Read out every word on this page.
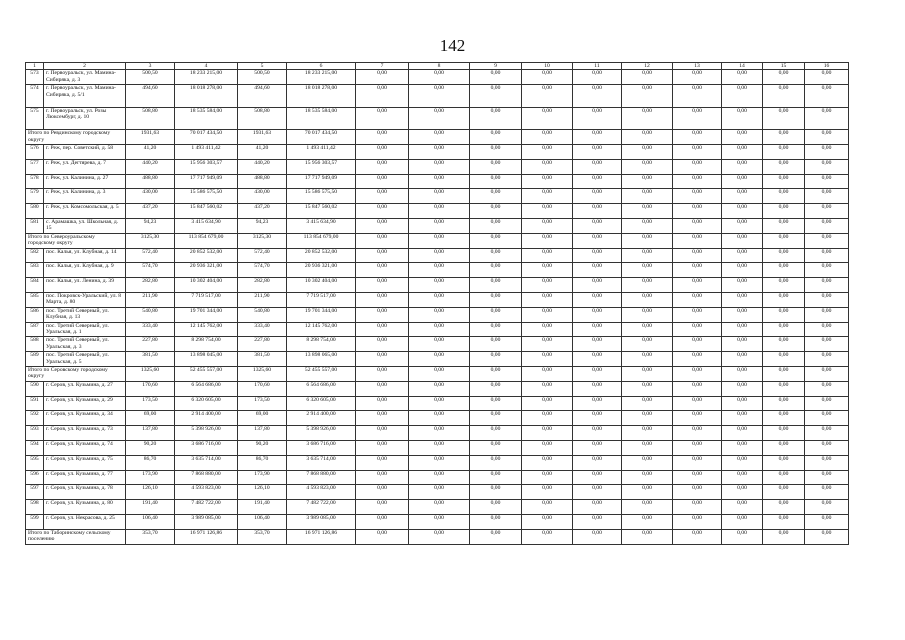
142
1	2	3	4	5	6	7	8	9	10	11	12	13	14	15	16
573	г. Первоуральск, ул. Мамина-Сибиряка, д. 3	500,50	18 233 215,00	500,50	18 233 215,00	0,00	0,00	0,00	0,00	0,00	0,00	0,00	0,00	0,00	0,00
574	г. Первоуральск, ул. Мамина-Сибиряка, д. 5/1	494,60	18 018 278,00	494,60	18 018 278,00	0,00	0,00	0,00	0,00	0,00	0,00	0,00	0,00	0,00	0,00
575	г. Первоуральск, ул. Розы Люксембург, д. 10	508,80	18 535 584,00	508,80	18 535 584,00	0,00	0,00	0,00	0,00	0,00	0,00	0,00	0,00	0,00	0,00
Итого по Ревдинскому городскому округу		1931,63	70 017 434,50	1931,63	70 017 434,50	0,00	0,00	0,00	0,00	0,00	0,00	0,00	0,00	0,00	0,00
576	г. Реж, пер. Советский, д. 58	41,20	1 493 411,42	41,20	1 493 411,42	0,00	0,00	0,00	0,00	0,00	0,00	0,00	0,00	0,00	0,00
577	г. Реж, ул. Дегтярева, д. 7	440,20	15 956 303,57	440,20	15 956 303,57	0,00	0,00	0,00	0,00	0,00	0,00	0,00	0,00	0,00	0,00
578	г. Реж, ул. Калинина, д. 27	488,80	17 717 949,09	488,80	17 717 949,09	0,00	0,00	0,00	0,00	0,00	0,00	0,00	0,00	0,00	0,00
579	г. Реж, ул. Калинина, д. 3	430,00	15 586 575,50	430,00	15 586 575,50	0,00	0,00	0,00	0,00	0,00	0,00	0,00	0,00	0,00	0,00
580	г. Реж, ул. Комсомольская, д. 5	437,20	15 847 560,02	437,20	15 847 560,02	0,00	0,00	0,00	0,00	0,00	0,00	0,00	0,00	0,00	0,00
581	с. Арамашка, ул. Школьная, д. 15	94,23	3 415 634,90	94,23	3 415 634,90	0,00	0,00	0,00	0,00	0,00	0,00	0,00	0,00	0,00	0,00
Итого по Североуральскому городскому округу		3125,30	113 854 679,00	3125,30	113 854 679,00	0,00	0,00	0,00	0,00	0,00	0,00	0,00	0,00	0,00	0,00
582	пос. Калья, ул. Клубная, д. 14	572,40	20 852 532,00	572,40	20 852 532,00	0,00	0,00	0,00	0,00	0,00	0,00	0,00	0,00	0,00	0,00
583	пос. Калья, ул. Клубная, д. 9	574,70	20 936 321,00	574,70	20 936 321,00	0,00	0,00	0,00	0,00	0,00	0,00	0,00	0,00	0,00	0,00
584	пос. Калья, ул. Ленина, д. 39	282,80	10 302 404,00	282,80	10 302 404,00	0,00	0,00	0,00	0,00	0,00	0,00	0,00	0,00	0,00	0,00
585	пос. Покровск-Уральский, ул. 8 Марта, д. 80	211,90	7 719 517,00	211,90	7 719 517,00	0,00	0,00	0,00	0,00	0,00	0,00	0,00	0,00	0,00	0,00
586	пос. Третий Северный, ул. Клубная, д. 13	540,80	19 701 344,00	540,80	19 701 344,00	0,00	0,00	0,00	0,00	0,00	0,00	0,00	0,00	0,00	0,00
587	пос. Третий Северный, ул. Уральская, д. 1	333,40	12 145 762,00	333,40	12 145 762,00	0,00	0,00	0,00	0,00	0,00	0,00	0,00	0,00	0,00	0,00
588	пос. Третий Северный, ул. Уральская, д. 3	227,80	8 298 754,00	227,80	8 298 754,00	0,00	0,00	0,00	0,00	0,00	0,00	0,00	0,00	0,00	0,00
589	пос. Третий Северный, ул. Уральская, д. 5	381,50	13 898 045,00	381,50	13 898 065,00	0,00	0,00	0,00	0,00	0,00	0,00	0,00	0,00	0,00	0,00
Итого по Серовскому городскому округу		1325,60	52 455 557,00	1325,60	52 455 557,00	0,00	0,00	0,00	0,00	0,00	0,00	0,00	0,00	0,00	0,00
590	г. Серов, ул. Кузьмина, д. 27	170,60	6 564 686,00	170,60	6 564 686,00	0,00	0,00	0,00	0,00	0,00	0,00	0,00	0,00	0,00	0,00
591	г. Серов, ул. Кузьмина, д. 29	173,50	6 320 605,00	173,50	6 320 605,00	0,00	0,00	0,00	0,00	0,00	0,00	0,00	0,00	0,00	0,00
592	г. Серов, ул. Кузьмина, д. 34	69,00	2 914 400,00	69,00	2 914 400,00	0,00	0,00	0,00	0,00	0,00	0,00	0,00	0,00	0,00	0,00
593	г. Серов, ул. Кузьмина, д. 73	137,80	5 398 926,00	137,80	5 398 926,00	0,00	0,00	0,00	0,00	0,00	0,00	0,00	0,00	0,00	0,00
594	г. Серов, ул. Кузьмина, д. 74	90,20	3 686 716,00	90,20	3 686 716,00	0,00	0,00	0,00	0,00	0,00	0,00	0,00	0,00	0,00	0,00
595	г. Серов, ул. Кузьмина, д. 75	86,70	3 635 714,00	86,70	3 635 714,00	0,00	0,00	0,00	0,00	0,00	0,00	0,00	0,00	0,00	0,00
596	г. Серов, ул. Кузьмина, д. 77	173,90	7 868 880,00	173,90	7 868 880,00	0,00	0,00	0,00	0,00	0,00	0,00	0,00	0,00	0,00	0,00
597	г. Серов, ул. Кузьмина, д. 78	126,10	4 593 823,00	126,10	4 593 823,00	0,00	0,00	0,00	0,00	0,00	0,00	0,00	0,00	0,00	0,00
598	г. Серов, ул. Кузьмина, д. 80	191,40	7 482 722,00	191,40	7 482 722,00	0,00	0,00	0,00	0,00	0,00	0,00	0,00	0,00	0,00	0,00
599	г. Серов, ул. Некрасова, д. 25	106,40	3 989 085,00	106,40	3 989 085,00	0,00	0,00	0,00	0,00	0,00	0,00	0,00	0,00	0,00	0,00
Итого по Таборинскому сельскому поселению		353,70	16 971 126,86	353,70	16 971 126,86	0,00	0,00	0,00	0,00	0,00	0,00	0,00	0,00	0,00	0,00
